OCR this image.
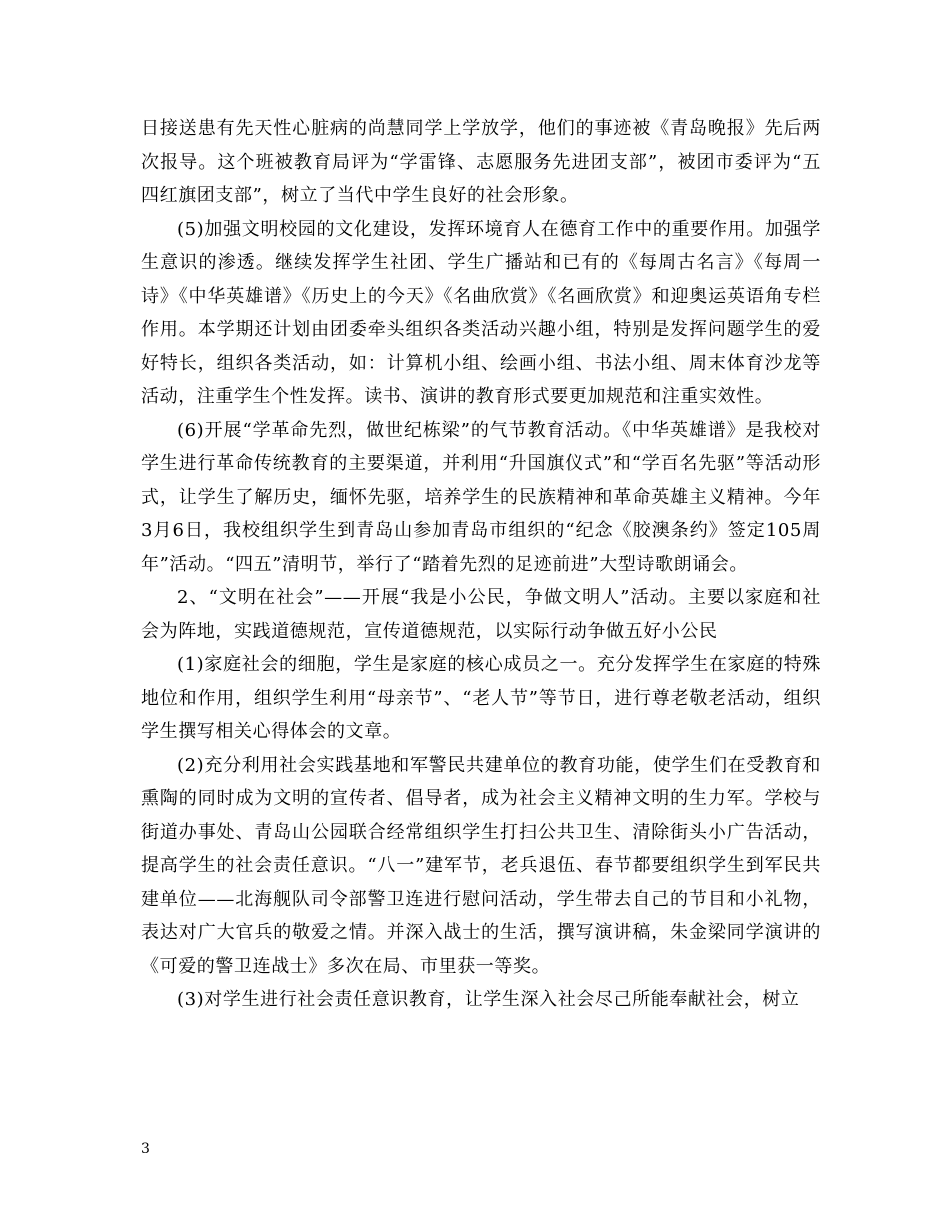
日接送患有先天性心脏病的尚慧同学上学放学，他们的事迹被《青岛晚报》先后两次报导。这个班被教育局评为“学雷锋、志愿服务先进团支部”，被团市委评为“五四红旗团支部”，树立了当代中学生良好的社会形象。

(5)加强文明校园的文化建设，发挥环境育人在德育工作中的重要作用。加强学生意识的渗透。继续发挥学生社团、学生广播站和已有的《每周古名言》《每周一诗》《中华英雄谱》《历史上的今天》《名曲欣赏》《名画欣赏》和迎奥运英语角专栏作用。本学期还计划由团委牵头组织各类活动兴趣小组，特别是发挥问题学生的爱好特长，组织各类活动，如：计算机小组、绘画小组、书法小组、周末体育沙龙等活动，注重学生个性发挥。读书、演讲的教育形式要更加规范和注重实效性。

(6)开展“学革命先烈，做世纪栋梁”的气节教育活动。《中华英雄谱》是我校对学生进行革命传统教育的主要渠道，并利用“升国旗仪式”和“学百名先驱”等活动形式，让学生了解历史，缅怀先驱，培养学生的民族精神和革命英雄主义精神。今年3月6日，我校组织学生到青岛山参加青岛市组织的“纪念《胶澳条约》签定105周年”活动。“四五”清明节，举行了“踏着先烈的足迹前进”大型诗歌朗诵会。

2、“文明在社会”——开展“我是小公民，争做文明人”活动。主要以家庭和社会为阵地，实践道德规范，宣传道德规范，以实际行动争做五好小公民

(1)家庭社会的细胞，学生是家庭的核心成员之一。充分发挥学生在家庭的特殊地位和作用，组织学生利用“母亲节”、“老人节”等节日，进行尊老敬老活动，组织学生撰写相关心得体会的文章。

(2)充分利用社会实践基地和军警民共建单位的教育功能，使学生们在受教育和熏陶的同时成为文明的宣传者、倡导者，成为社会主义精神文明的生力军。学校与街道办事处、青岛山公园联合经常组织学生打扫公共卫生、清除街头小广告活动，提高学生的社会责任意识。“八一”建军节，老兵退伍、春节都要组织学生到军民共建单位——北海舰队司令部警卫连进行慰问活动，学生带去自己的节目和小礼物，表达对广大官兵的敬爱之情。并深入战士的生活，撰写演讲稿，朱金梁同学演讲的《可爱的警卫连战士》多次在局、市里获一等奖。

(3)对学生进行社会责任意识教育，让学生深入社会尽己所能奉献社会，树立

3
